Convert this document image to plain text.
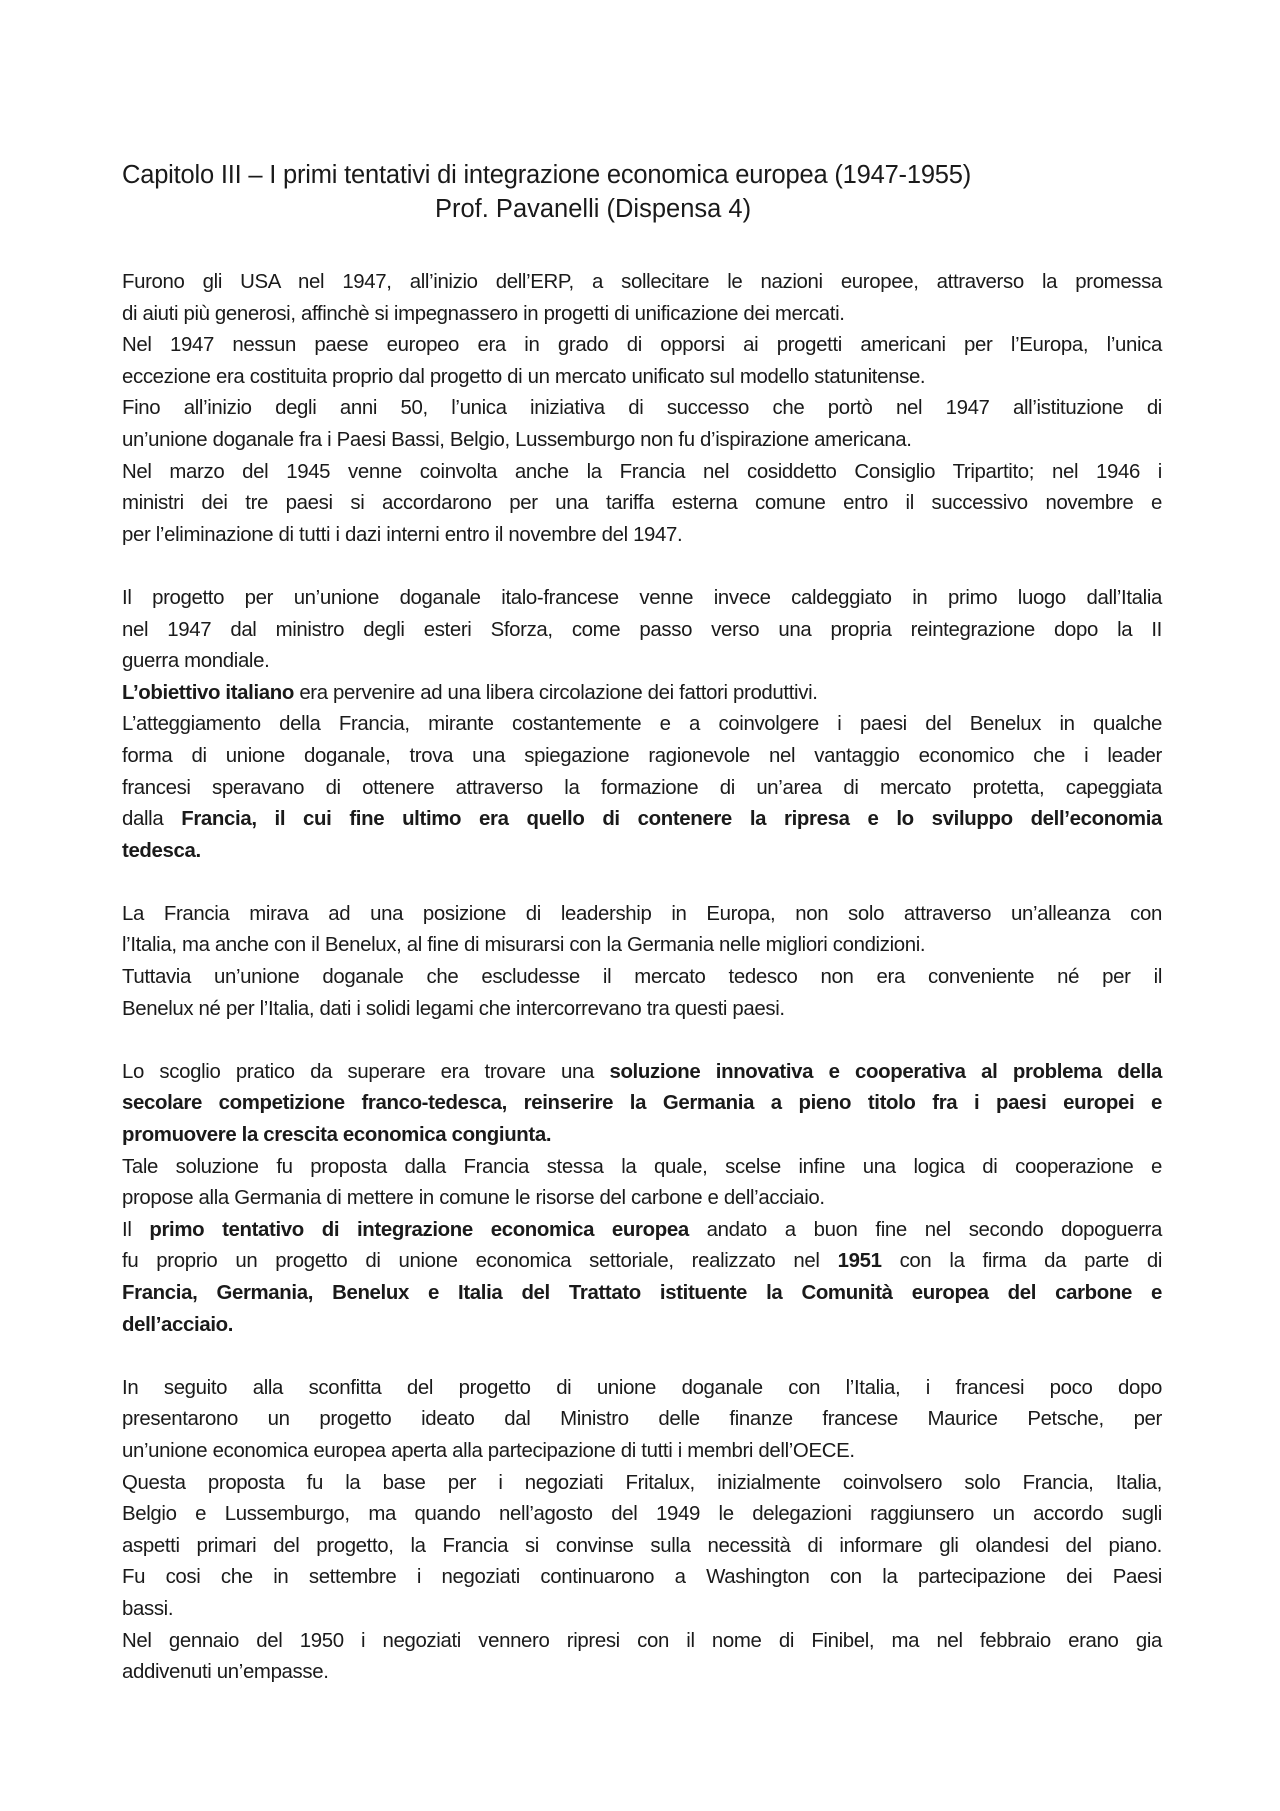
Capitolo III – I primi tentativi di integrazione economica europea (1947-1955)
Prof. Pavanelli (Dispensa 4)

Furono gli USA nel 1947, all’inizio dell’ERP, a sollecitare le nazioni europee, attraverso la promessa

di aiuti più generosi, affinchè si impegnassero in progetti di unificazione dei mercati.

Nel 1947 nessun paese europeo era in grado di opporsi ai progetti americani per l’Europa, l’unica

eccezione era costituita proprio dal progetto di un mercato unificato sul modello statunitense.

Fino all’inizio degli anni 50, l’unica iniziativa di successo che portò nel 1947 all’istituzione di

un’unione doganale fra i Paesi Bassi, Belgio, Lussemburgo non fu d’ispirazione americana.

Nel marzo del 1945 venne coinvolta anche la Francia nel cosiddetto Consiglio Tripartito; nel 1946 i

ministri dei tre paesi si accordarono per una tariffa esterna comune entro il successivo novembre e

per l’eliminazione di tutti i dazi interni entro il novembre del 1947.

Il progetto per un’unione doganale italo-francese venne invece caldeggiato in primo luogo dall’Italia

nel 1947 dal ministro degli esteri Sforza, come passo verso una propria reintegrazione dopo la II

guerra mondiale.

L’obiettivo italiano era pervenire ad una libera circolazione dei fattori produttivi.

L’atteggiamento della Francia, mirante costantemente e a coinvolgere i paesi del Benelux in qualche

forma di unione doganale, trova una spiegazione ragionevole nel vantaggio economico che i leader

francesi speravano di ottenere attraverso la formazione di un’area di mercato protetta, capeggiata

dalla Francia, il cui fine ultimo era quello di contenere la ripresa e lo sviluppo dell’economia

tedesca.

La Francia mirava ad una posizione di leadership in Europa, non solo attraverso un’alleanza con

l’Italia, ma anche con il Benelux, al fine di misurarsi con la Germania nelle migliori condizioni.

Tuttavia un’unione doganale che escludesse il mercato tedesco non era conveniente né per il

Benelux né per l’Italia, dati i solidi legami che intercorrevano tra questi paesi.

Lo scoglio pratico da superare era trovare una soluzione innovativa e cooperativa al problema della

secolare competizione franco-tedesca, reinserire la Germania a pieno titolo fra i paesi europei e

promuovere la crescita economica congiunta.

Tale soluzione fu proposta dalla Francia stessa la quale, scelse infine una logica di cooperazione e

propose alla Germania di mettere in comune le risorse del carbone e dell’acciaio.

Il primo tentativo di integrazione economica europea andato a buon fine nel secondo dopoguerra

fu proprio un progetto di unione economica settoriale, realizzato nel 1951 con la firma da parte di

Francia, Germania, Benelux e Italia del Trattato istituente la Comunità europea del carbone e

dell’acciaio.

In seguito alla sconfitta del progetto di unione doganale con l’Italia, i francesi poco dopo

presentarono un progetto ideato dal Ministro delle finanze francese Maurice Petsche, per

un’unione economica europea aperta alla partecipazione di tutti i membri dell’OECE.

Questa proposta fu la base per i negoziati Fritalux, inizialmente coinvolsero solo Francia, Italia,

Belgio e Lussemburgo, ma quando nell’agosto del 1949 le delegazioni raggiunsero un accordo sugli

aspetti primari del progetto, la Francia si convinse sulla necessità di informare gli olandesi del piano.

Fu cosi che in settembre i negoziati continuarono a Washington con la partecipazione dei Paesi

bassi.

Nel gennaio del 1950 i negoziati vennero ripresi con il nome di Finibel, ma nel febbraio erano gia

addivenuti un’empasse.
